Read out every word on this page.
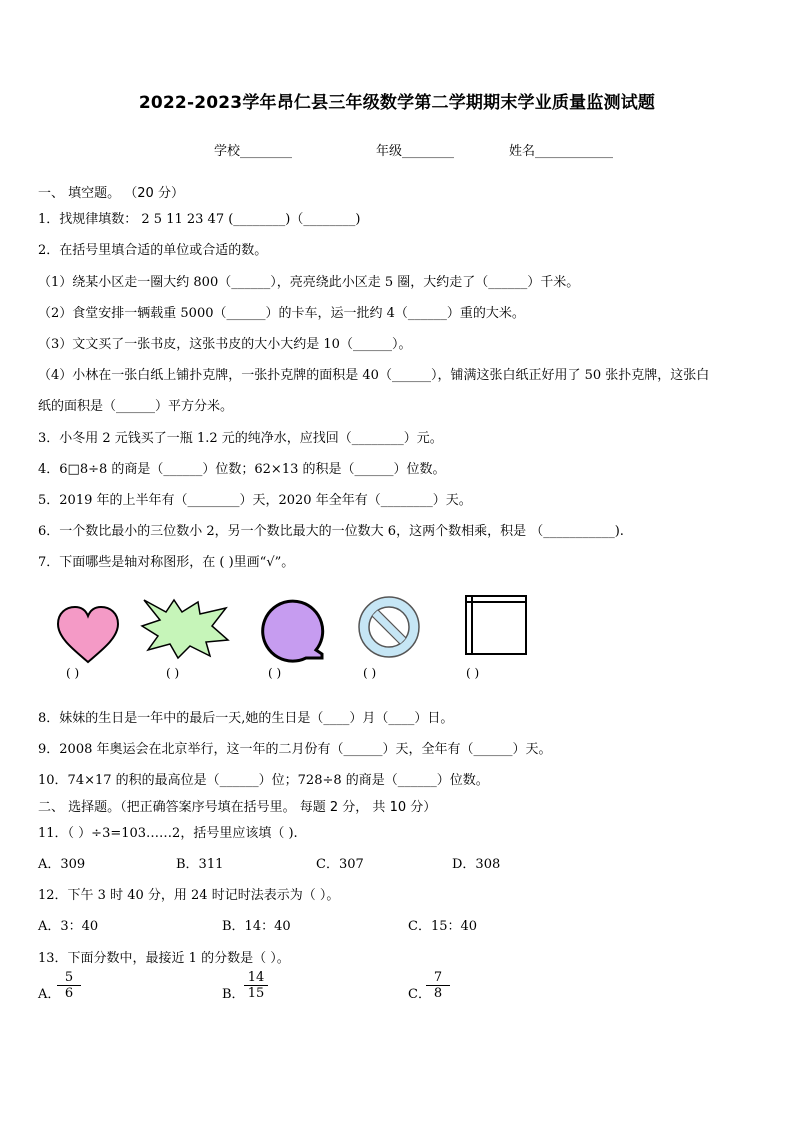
2022-2023学年昂仁县三年级数学第二学期期末学业质量监测试题
学校________	年级________	姓名____________
一、 填空题。 （20 分）
1．找规律填数： 2 5 11 23 47 (________)（________)
2．在括号里填合适的单位或合适的数。
（1）绕某小区走一圈大约 800（______），亮亮绕此小区走 5 圈，大约走了（______）千米。
（2）食堂安排一辆载重 5000（______）的卡车，运一批约 4（______）重的大米。
（3）文文买了一张书皮，这张书皮的大小大约是 10（______）。
（4）小林在一张白纸上铺扑克牌，一张扑克牌的面积是 40（______），铺满这张白纸正好用了 50 张扑克牌，这张白
纸的面积是（______）平方分米。
3．小冬用 2 元钱买了一瓶 1.2 元的纯净水，应找回（________）元。
4．6□8÷8 的商是（______）位数；62×13 的积是（______）位数。
5．2019 年的上半年有（________）天，2020 年全年有（________）天。
6．一个数比最小的三位数小 2，另一个数比最大的一位数大 6，这两个数相乘，积是 （___________).
7．下面哪些是轴对称图形，在 ( )里画“√”。
( )	( )	( )	( )	( )
8．妹妹的生日是一年中的最后一天,她的生日是（____）月（____）日。
9．2008 年奥运会在北京举行，这一年的二月份有（______）天，全年有（______）天。
10．74×17 的积的最高位是（______）位；728÷8 的商是（______）位数。
二、 选择题。（把正确答案序号填在括号里。 每题 2 分， 共 10 分）
11．（ ）÷3=103……2，括号里应该填（ ).
A．309	B．311	C．307	D．308
12．下午 3 时 40 分，用 24 时记时法表示为（ ）。
A．3：40	B．14：40	C．15：40
13．下面分数中，最接近 1 的分数是（ ）。
A．
$\frac{5}{6}$	B． $\frac{14}{15}$	C．
$\frac{7}{8}$
